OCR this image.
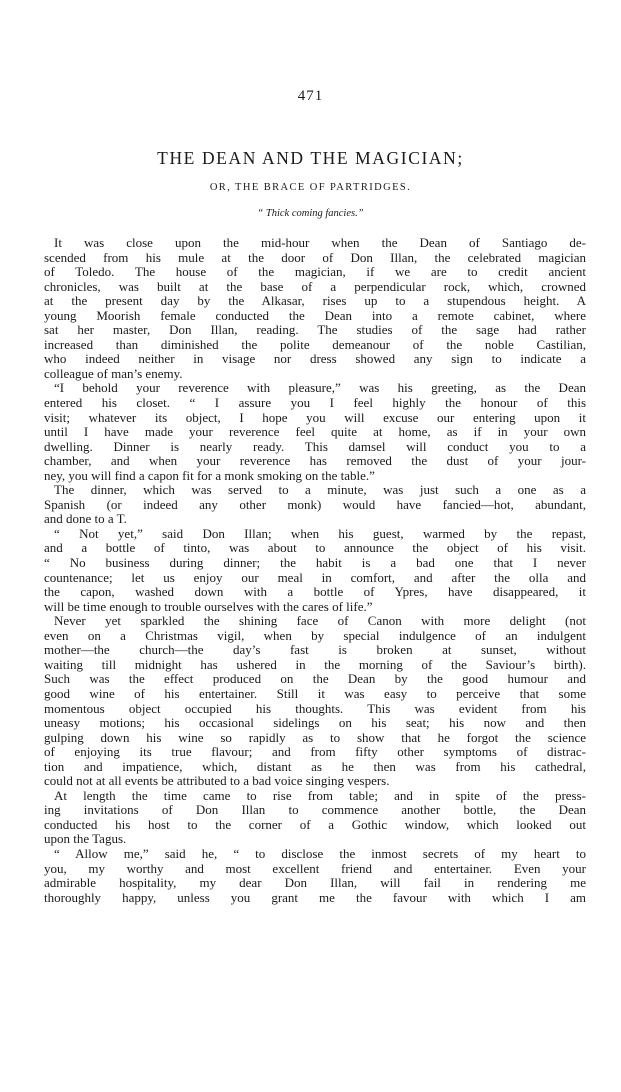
471
THE DEAN AND THE MAGICIAN;
OR, THE BRACE OF PARTRIDGES.
“ Thick coming fancies.”
It was close upon the mid-hour when the Dean of Santiago de-
scended from his mule at the door of Don Illan, the celebrated magician
of Toledo. The house of the magician, if we are to credit ancient
chronicles, was built at the base of a perpendicular rock, which, crowned
at the present day by the Alkasar, rises up to a stupendous height. A
young Moorish female conducted the Dean into a remote cabinet, where
sat her master, Don Illan, reading. The studies of the sage had rather
increased than diminished the polite demeanour of the noble Castilian,
who indeed neither in visage nor dress showed any sign to indicate a
colleague of man’s enemy.
“I behold your reverence with pleasure,” was his greeting, as the Dean
entered his closet. “ I assure you I feel highly the honour of this
visit; whatever its object, I hope you will excuse our entering upon it
until I have made your reverence feel quite at home, as if in your own
dwelling. Dinner is nearly ready. This damsel will conduct you to a
chamber, and when your reverence has removed the dust of your jour-
ney, you will find a capon fit for a monk smoking on the table.”
The dinner, which was served to a minute, was just such a one as a
Spanish (or indeed any other monk) would have fancied—hot, abundant,
and done to a T.
“ Not yet,” said Don Illan; when his guest, warmed by the repast,
and a bottle of tinto, was about to announce the object of his visit.
“ No business during dinner; the habit is a bad one that I never
countenance; let us enjoy our meal in comfort, and after the olla and
the capon, washed down with a bottle of Ypres, have disappeared, it
will be time enough to trouble ourselves with the cares of life.”
Never yet sparkled the shining face of Canon with more delight (not
even on a Christmas vigil, when by special indulgence of an indulgent
mother—the church—the day’s fast is broken at sunset, without
waiting till midnight has ushered in the morning of the Saviour’s birth).
Such was the effect produced on the Dean by the good humour and
good wine of his entertainer. Still it was easy to perceive that some
momentous object occupied his thoughts. This was evident from his
uneasy motions; his occasional sidelings on his seat; his now and then
gulping down his wine so rapidly as to show that he forgot the science
of enjoying its true flavour; and from fifty other symptoms of distrac-
tion and impatience, which, distant as he then was from his cathedral,
could not at all events be attributed to a bad voice singing vespers.
At length the time came to rise from table; and in spite of the press-
ing invitations of Don Illan to commence another bottle, the Dean
conducted his host to the corner of a Gothic window, which looked out
upon the Tagus.
“ Allow me,” said he, “ to disclose the inmost secrets of my heart to
you, my worthy and most excellent friend and entertainer. Even your
admirable hospitality, my dear Don Illan, will fail in rendering me
thoroughly happy, unless you grant me the favour with which I am
